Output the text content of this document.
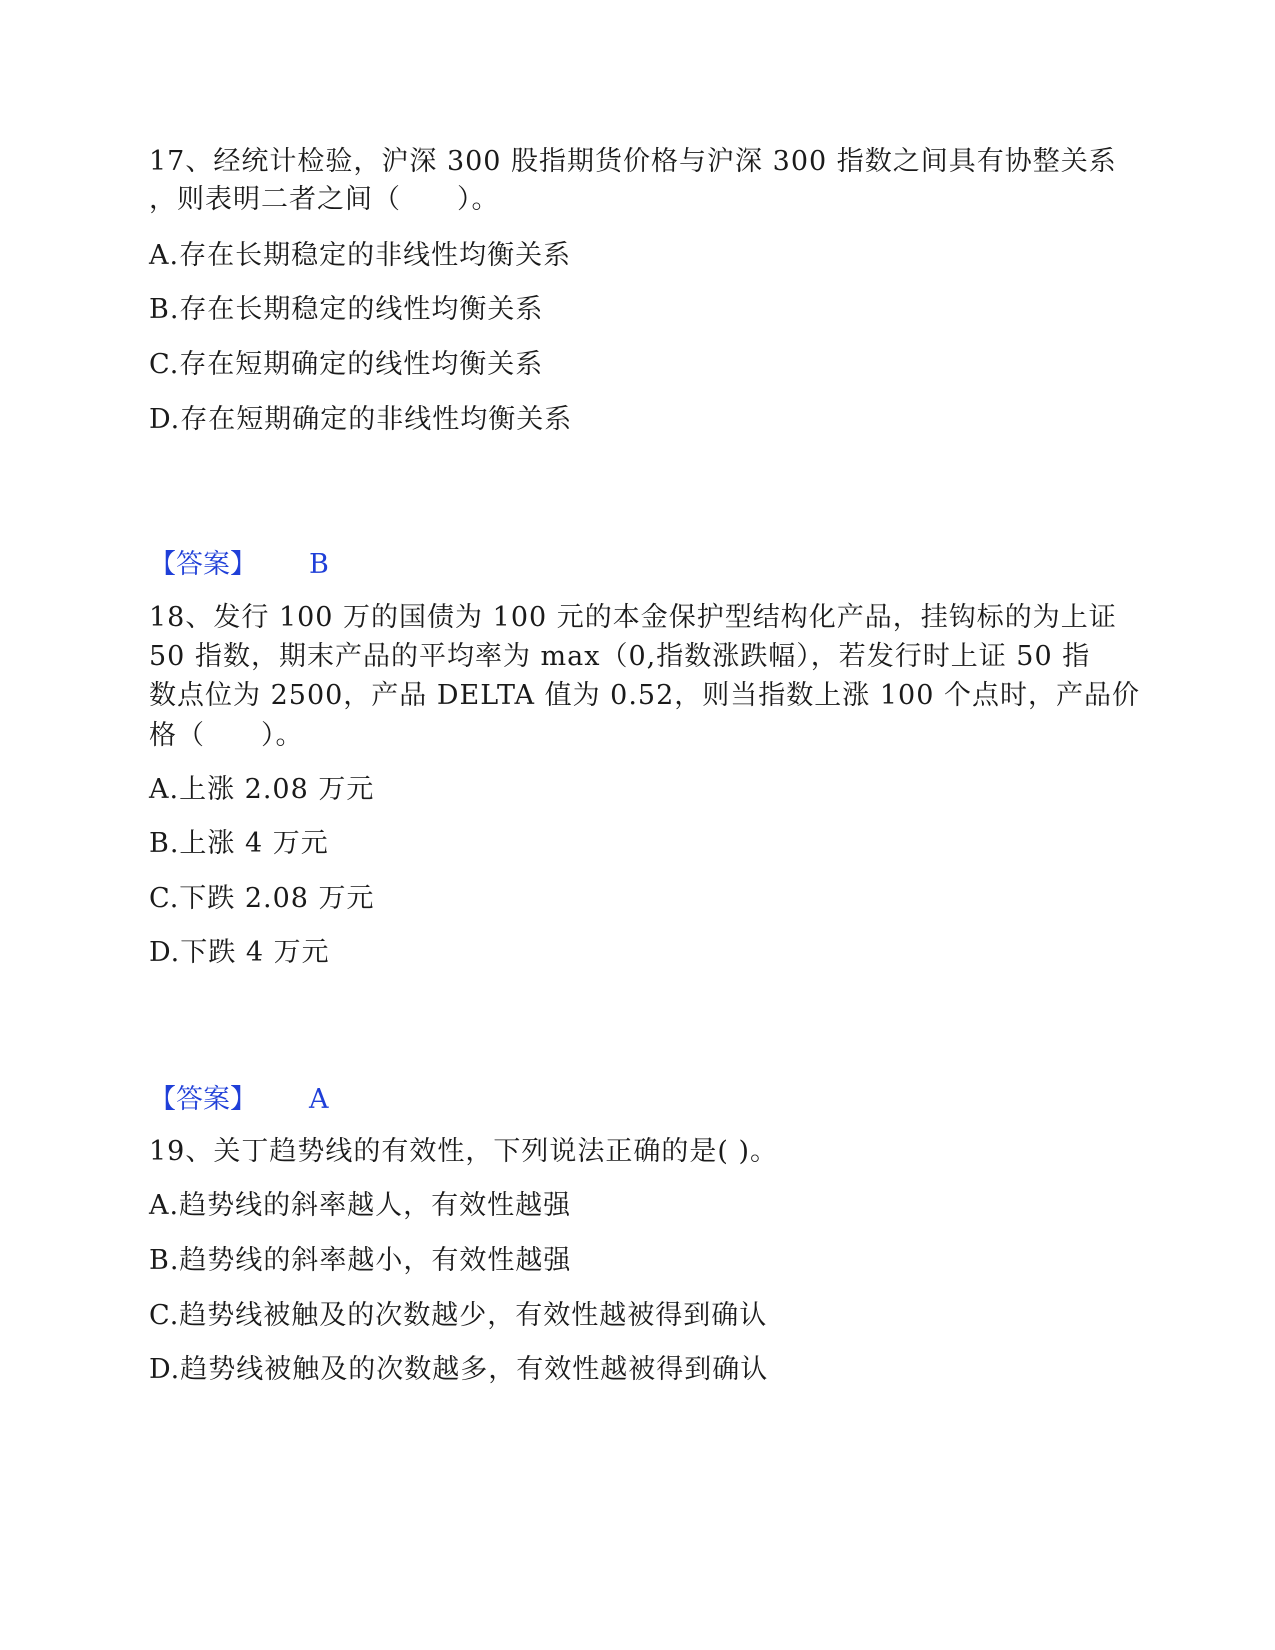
17、经统计检验，沪深 300 股指期货价格与沪深 300 指数之间具有协整关系
，则表明二者之间（　　）。
A.存在长期稳定的非线性均衡关系
B.存在长期稳定的线性均衡关系
C.存在短期确定的线性均衡关系
D.存在短期确定的非线性均衡关系
【答案】 B
18、发行 100 万的国债为 100 元的本金保护型结构化产品，挂钩标的为上证
50 指数，期末产品的平均率为 max（0,指数涨跌幅），若发行时上证 50 指
数点位为 2500，产品 DELTA 值为 0.52，则当指数上涨 100 个点时，产品价
格（　　）。
A.上涨 2.08 万元
B.上涨 4 万元
C.下跌 2.08 万元
D.下跌 4 万元
【答案】 A
19、关丁趋势线的有效性，下列说法正确的是( )。
A.趋势线的斜率越人，有效性越强
B.趋势线的斜率越小，有效性越强
C.趋势线被触及的次数越少，有效性越被得到确认
D.趋势线被触及的次数越多，有效性越被得到确认
